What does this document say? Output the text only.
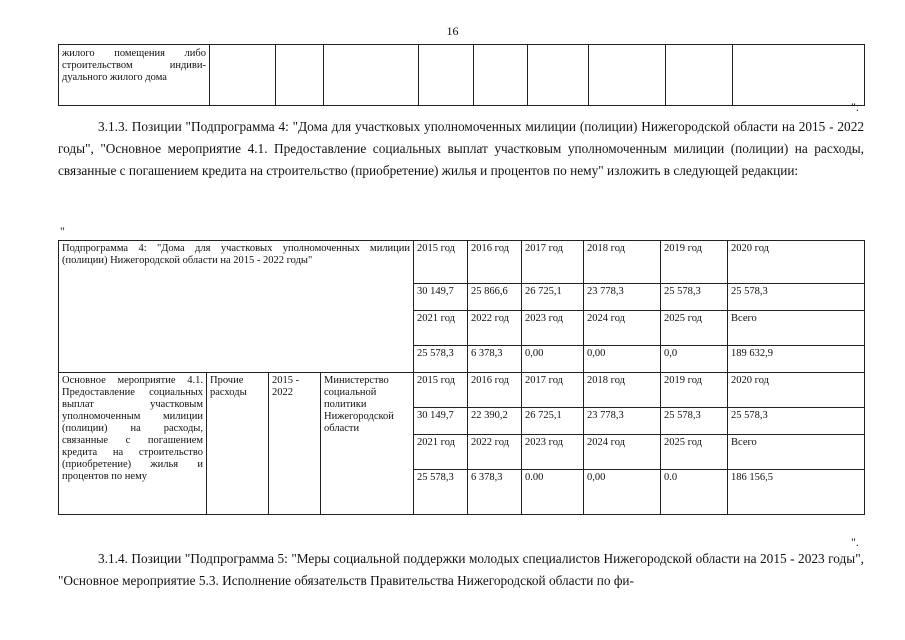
16
жилого помещения либо строительством индиви-дуального жилого дома									
".

3.1.3. Позиции "Подпрограмма 4: "Дома для участковых уполномоченных милиции (полиции) Нижегородской области на 2015 - 2022 годы", "Основное мероприятие 4.1. Предоставление социальных выплат участковым уполномоченным милиции (полиции) на расходы, связанные с погашением кредита на строительство (приобретение) жилья и процентов по нему" изложить в следующей редакции:

"
Подпрограмма 4: "Дома для участковых уполномоченных милиции (полиции) Нижегородской области на 2015 - 2022 годы"				2015 год	2016 год	2017 год	2018 год	2019 год	2020 год
				30 149,7	25 866,6	26 725,1	23 778,3	25 578,3	25 578,3
				2021 год	2022 год	2023 год	2024 год	2025 год	Всего
				25 578,3	6 378,3	0,00	0,00	0,0	189 632,9
Основное мероприятие 4.1. Предоставление социальных выплат участковым уполномоченным милиции (полиции) на расходы, связанные с погашением кредита на строительство (приобретение) жилья и процентов по нему	Прочие расходы	2015 - 2022	Министерство социальной политики Нижегородской области	2015 год	2016 год	2017 год	2018 год	2019 год	2020 год
				30 149,7	22 390,2	26 725,1	23 778,3	25 578,3	25 578,3
				2021 год	2022 год	2023 год	2024 год	2025 год	Всего
				25 578,3	6 378,3	0.00	0,00	0.0	186 156,5
".

3.1.4. Позиции "Подпрограмма 5: "Меры социальной поддержки молодых специалистов Нижегородской области на 2015 - 2023 годы", "Основное мероприятие 5.3. Исполнение обязательств Правительства Нижегородской области по фи-
